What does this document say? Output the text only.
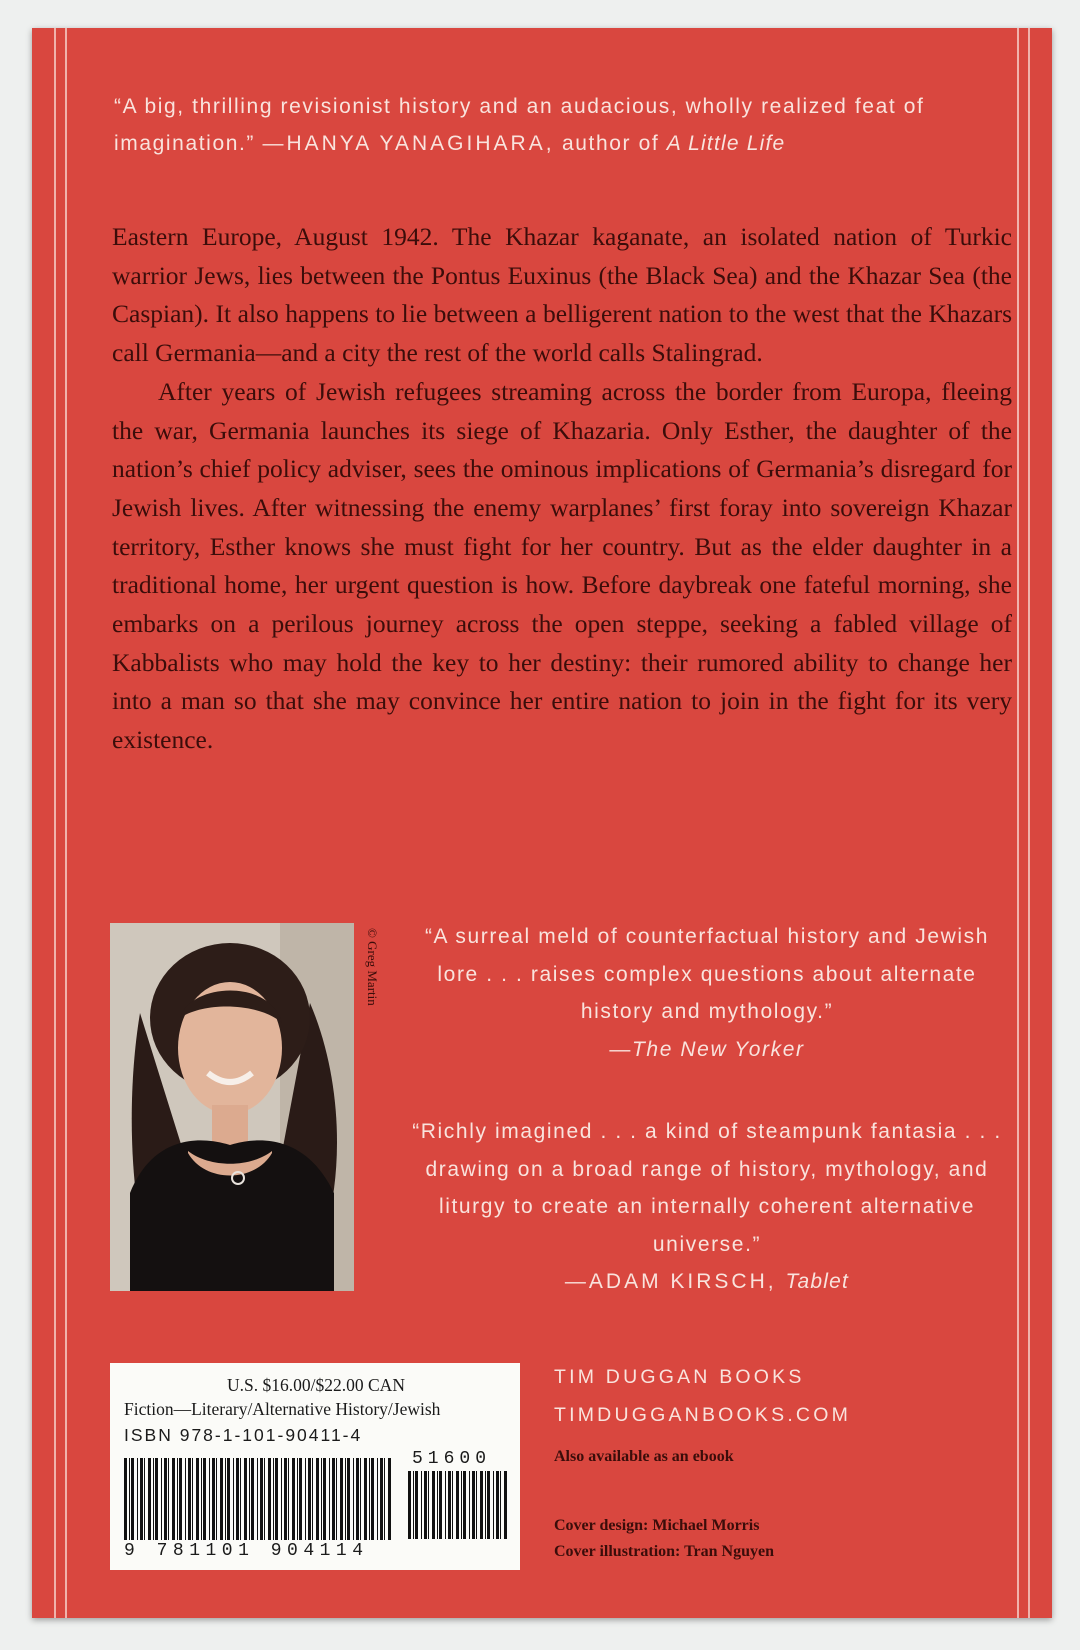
“A big, thrilling revisionist history and an audacious, wholly realized feat of imagination.” —HANYA YANAGIHARA, author of A Little Life

Eastern Europe, August 1942. The Khazar kaganate, an isolated nation of Turkic warrior Jews, lies between the Pontus Euxinus (the Black Sea) and the Khazar Sea (the Caspian). It also happens to lie between a belligerent nation to the west that the Khazars call Germania—and a city the rest of the world calls Stalingrad.

After years of Jewish refugees streaming across the border from Europa, fleeing the war, Germania launches its siege of Khazaria. Only Esther, the daughter of the nation’s chief policy adviser, sees the ominous implications of Germania’s disregard for Jewish lives. After witnessing the enemy warplanes’ first foray into sovereign Khazar territory, Esther knows she must fight for her country. But as the elder daughter in a traditional home, her urgent question is how. Before daybreak one fateful morning, she embarks on a perilous journey across the open steppe, seeking a fabled village of Kabbalists who may hold the key to her destiny: their rumored ability to change her into a man so that she may convince her entire nation to join in the fight for its very existence.

© Greg Martin	“A surreal meld of counterfactual history and Jewish lore . . . raises complex questions about alternate history and mythology.”
—The New Yorker
“Richly imagined . . . a kind of steampunk fantasia . . . drawing on a broad range of history, mythology, and liturgy to create an internally coherent alternative universe.”
—ADAM KIRSCH, Tablet
U.S. $16.00/$22.00 CAN
Fiction—Literary/Alternative History/Jewish
ISBN 978-1-101-90411-4
51600
9 781101 904114
TIM DUGGAN BOOKS
TIMDUGGANBOOKS.COM
Also available as an ebook
Cover design: Michael Morris
Cover illustration: Tran Nguyen
